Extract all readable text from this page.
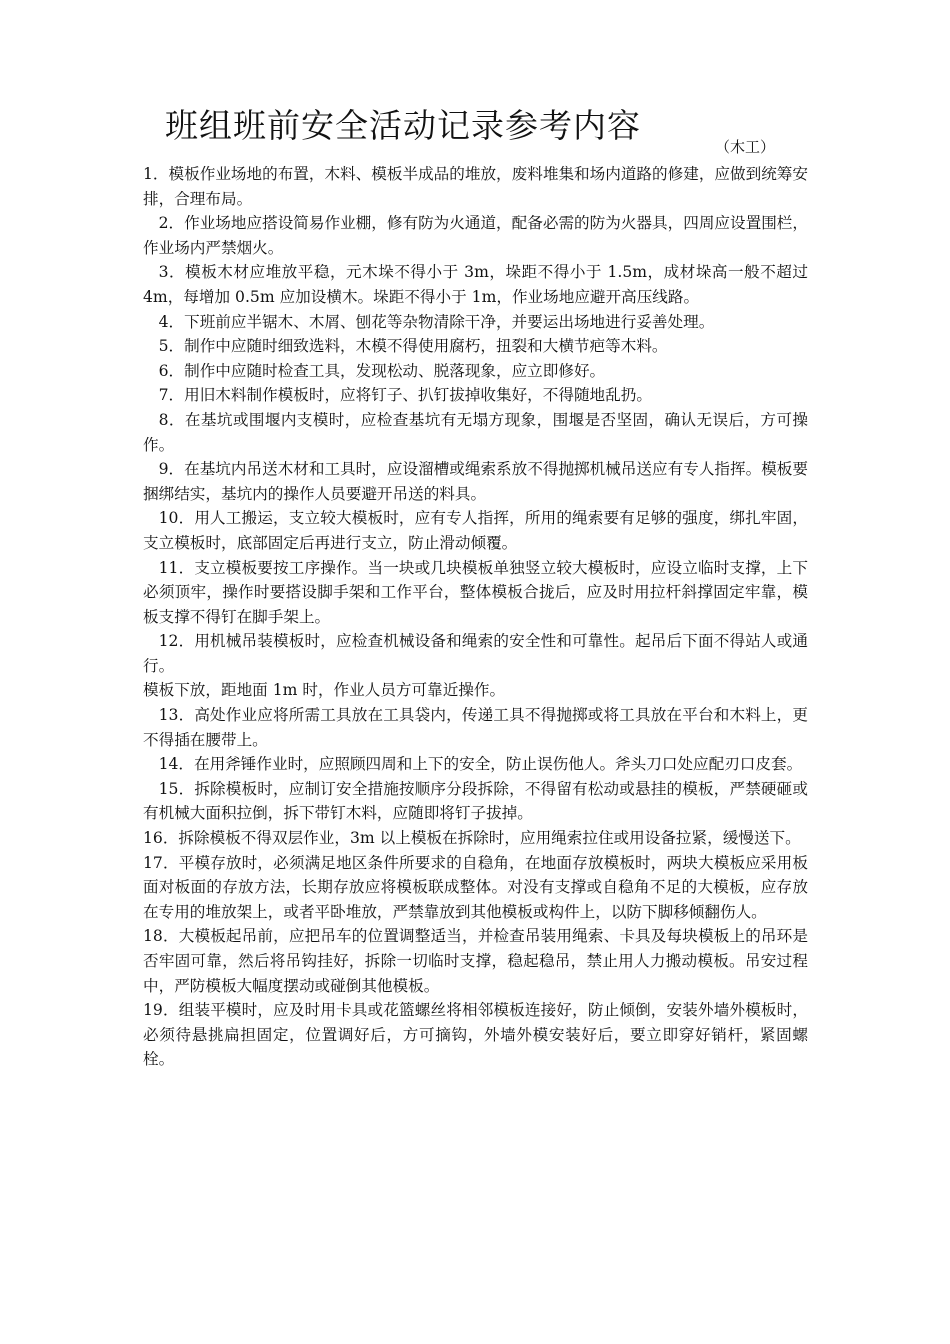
班组班前安全活动记录参考内容
（木工）

1．模板作业场地的布置，木料、模板半成品的堆放，废料堆集和场内道路的修建，应做到统筹安排，合理布局。

2．作业场地应搭设简易作业棚，修有防为火通道，配备必需的防为火器具，四周应设置围栏，作业场内严禁烟火。

3．模板木材应堆放平稳，元木垛不得小于 3m，垛距不得小于 1.5m，成材垛高一般不超过 4m，每增加 0.5m 应加设横木。垛距不得小于 1m，作业场地应避开高压线路。

4．下班前应半锯木、木屑、刨花等杂物清除干净，并要运出场地进行妥善处理。

5．制作中应随时细致选料，木模不得使用腐朽，扭裂和大横节疤等木料。

6．制作中应随时检查工具，发现松动、脱落现象，应立即修好。

7．用旧木料制作模板时，应将钉子、扒钉拔掉收集好，不得随地乱扔。

8．在基坑或围堰内支模时，应检查基坑有无塌方现象，围堰是否坚固，确认无误后，方可操作。

9．在基坑内吊送木材和工具时，应设溜槽或绳索系放不得抛掷机械吊送应有专人指挥。模板要捆绑结实，基坑内的操作人员要避开吊送的料具。

10．用人工搬运，支立较大模板时，应有专人指挥，所用的绳索要有足够的强度，绑扎牢固，支立模板时，底部固定后再进行支立，防止滑动倾覆。

11．支立模板要按工序操作。当一块或几块模板单独竖立较大模板时，应设立临时支撑，上下必须顶牢，操作时要搭设脚手架和工作平台，整体模板合拢后，应及时用拉杆斜撑固定牢靠，模板支撑不得钉在脚手架上。

12．用机械吊装模板时，应检查机械设备和绳索的安全性和可靠性。起吊后下面不得站人或通行。

模板下放，距地面 1m 时，作业人员方可靠近操作。

13．高处作业应将所需工具放在工具袋内，传递工具不得抛掷或将工具放在平台和木料上，更不得插在腰带上。

14．在用斧锤作业时，应照顾四周和上下的安全，防止误伤他人。斧头刀口处应配刃口皮套。

15．拆除模板时，应制订安全措施按顺序分段拆除，不得留有松动或悬挂的模板，严禁硬砸或有机械大面积拉倒，拆下带钉木料，应随即将钉子拔掉。

16．拆除模板不得双层作业，3m 以上模板在拆除时，应用绳索拉住或用设备拉紧，缓慢送下。

17．平模存放时，必须满足地区条件所要求的自稳角，在地面存放模板时，两块大模板应采用板面对板面的存放方法，长期存放应将模板联成整体。对没有支撑或自稳角不足的大模板，应存放在专用的堆放架上，或者平卧堆放，严禁靠放到其他模板或构件上，以防下脚移倾翻伤人。

18．大模板起吊前，应把吊车的位置调整适当，并检查吊装用绳索、卡具及每块模板上的吊环是否牢固可靠，然后将吊钩挂好，拆除一切临时支撑，稳起稳吊，禁止用人力搬动模板。吊安过程中，严防模板大幅度摆动或碰倒其他模板。

19．组装平模时，应及时用卡具或花篮螺丝将相邻模板连接好，防止倾倒，安装外墙外模板时，必须待悬挑扁担固定，位置调好后，方可摘钩，外墙外模安装好后，要立即穿好销杆，紧固螺栓。
